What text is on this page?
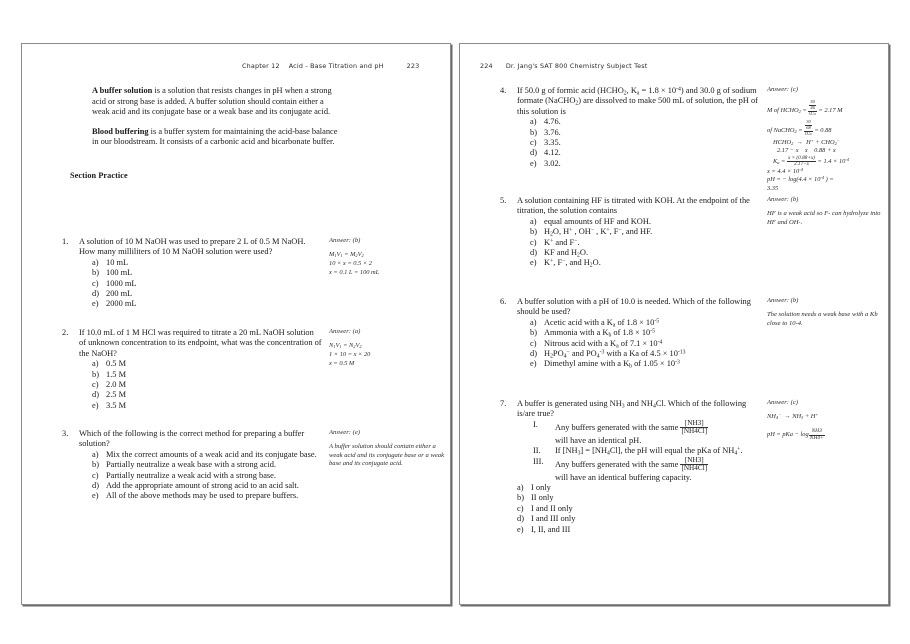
Chapter 12 Acid - Base Titration and pH	223

A buffer solution is a solution that resists changes in pH when a strong acid or strong base is added. A buffer solution should contain either a weak acid and its conjugate base or a weak base and its conjugate acid.

Blood buffering is a buffer system for maintaining the acid-base balance in our bloodstream. It consists of a carbonic acid and bicarbonate buffer.

Section Practice
1.	A solution of 10 M NaOH was used to prepare 2 L of 0.5 M NaOH. How many milliliters of 10 M NaOH solution were used?

a) 10 mL
b) 100 mL
c) 1000 mL
d) 200 mL
e) 2000 mL

Answer: (b)

$M_1V_1 = M_2V_2$
10 × x = 0.5 × 2
x = 0.1 L = 100 mL
2.	If 10.0 mL of 1 M HCl was required to titrate a 20 mL NaOH solution of unknown concentration to its endpoint, what was the concentration of the NaOH?

a) 0.5 M
b) 1.5 M
c) 2.0 M
d) 2.5 M
e) 3.5 M

Answer: (a)

$N_1V_1 = N_2V_2$
1 × 10 = x × 20
x = 0.5 M
3.	Which of the following is the correct method for preparing a buffer solution?

a) Mix the correct amounts of a weak acid and its conjugate base.
b) Partially neutralize a weak base with a strong acid.
c) Partially neutralize a weak acid with a strong base.
d) Add the appropriate amount of strong acid to an acid salt.
e) All of the above methods may be used to prepare buffers.

Answer: (e)

A buffer solution should contain either a weak acid and its conjugate base or a weak base and its conjugate acid.

224 Dr. Jang's SAT 800 Chemistry Subject Test
4.	If 50.0 g of formic acid ($HCHO_2$, $K_a = 1.8 \times 10^{-4}$) and 30.0 g of sodium formate (NaCHO$_2$) are dissolved to make 500 mL of solution, the pH of this solution is

a) 4.76.
b) 3.76.
c) 3.35.
d) 4.12.
e) 3.02.

Answer: (c)

M of $HCHO_2 = \frac{\frac{50}{46}}{0.5} = 2.17$ M
of NaCHO$_2$ = $\frac{\frac{30}{68}}{0.5} = 0.88$
$HCHO_2 \to H^+ + CHO_2^-$
2.17 − x x 0.88 + x
$K_a = \frac{x \times (0.88+x)}{2.17-x} = 1.4 \times 10^{-4}$
$x = 4.4 \times 10^{-4}$
pH = − $\log(4.4 \times 10^{-4}$ ) =
3.35
5.	A solution containing HF is titrated with KOH. At the endpoint of the titration, the solution contains

a) equal amounts of HF and KOH.
b) $H_2O$, H+ , OH− , K+, F−, and HF.
c) K+ and F−.
d) KF and $H_2O$.
e) K+, F−, and $H_2O$.

Answer: (b)

HF is a weak acid so F- can hydrolyze into HF and OH-.

6.	A buffer solution with a pH of 10.0 is needed. Which of the following should be used?

a) Acetic acid with a $K_a$ of $1.8 \times 10^{-5}$
b) Ammonia with a $K_b$ of $1.8 \times 10^{-5}$
c) Nitrous acid with a $K_a$ of $7.1 \times 10^{-4}$
d) $H_2PO_4^-$ and $PO_4^{-3}$ with a Ka of $4.5 \times 10^{-13}$
e) Dimethyl amine with a $K_b$ of $1.05 \times 10^{-3}$

Answer: (b)

The solution needs a weak base with a Kb close to 10-4.

7.	A buffer is generated using $NH_3$ and $NH_4Cl$. Which of the following is/are true?

I.	Any buffers generated with the same $\frac{[NH3]}{[NH4Cl]}$
will have an identical pH.
II.	If $[NH_3] = [NH_4Cl]$, the pH will equal the pKa of $NH_4^+$.
III.	Any buffers generated with the same $\frac{[NH3]}{[NH4Cl]}$
will have an identical buffering capacity.
a) I only
b) II only
c) I and II only
d) I and III only
e) I, II, and III

Answer: (c)

$NH_4^- \to NH_3 + H^+$
pH = pKa − $\log \frac{NH3}{NH4+}$
